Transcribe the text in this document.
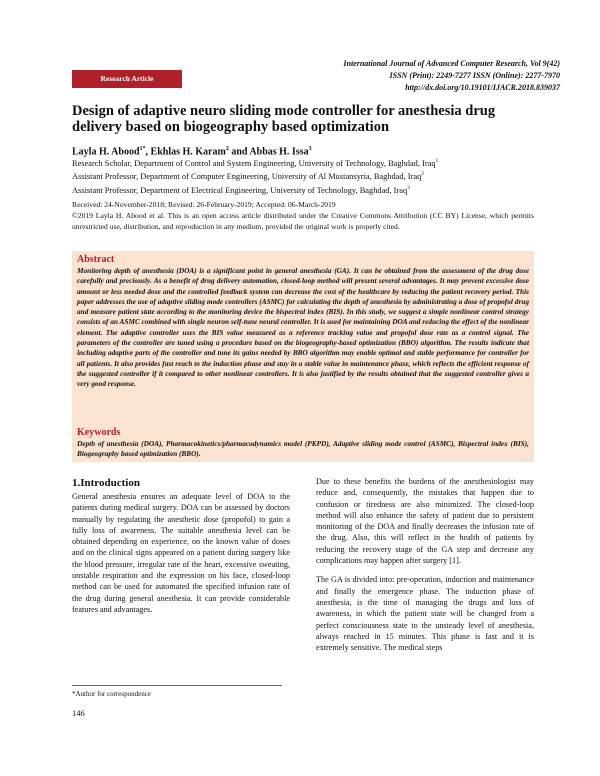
International Journal of Advanced Computer Research, Vol 9(42)
ISSN (Print): 2249-7277 ISSN (Online): 2277-7970
http://dx.doi.org/10.19101/IJACR.2018.839037
Research Article
Design of adaptive neuro sliding mode controller for anesthesia drug delivery based on biogeography based optimization
Layla H. Abood$^{1*}$, Ekhlas H. Karam$^2$ and Abbas H. Issa$^3$
Research Scholar, Department of Control and System Engineering, University of Technology, Baghdad, Iraq$^1$
Assistant Professor, Department of Computer Engineering, University of Al Mustansyria, Baghdad, Iraq$^2$
Assistant Professor, Department of Electrical Engineering, University of Technology, Baghdad, Iraq$^3$
Received: 24-November-2018; Revised: 26-February-2019; Accepted: 06-March-2019
©2019 Layla H. Abood et al. This is an open access article distributed under the Creative Commons Attribution (CC BY) License, which permits unrestricted use, distribution, and reproduction in any medium, provided the original work is properly cited.
Abstract
Monitoring depth of anesthesia (DOA) is a significant point in general anesthesia (GA). It can be obtained from the assessment of the drug dose carefully and preciously. As a benefit of drug delivery automation, closed-loop method will present several advantages. It may prevent excessive dose amount or less needed dose and the controlled feedback system can decrease the cost of the healthcare by reducing the patient recovery period. This paper addresses the use of adaptive sliding mode controllers (ASMC) for calculating the depth of anesthesia by administrating a dose of propofol drug and measure patient state according to the monitoring device the bispectral index (BIS). In this study, we suggest a simple nonlinear control strategy consists of an ASMC combined with single neuron self-tune neural controller. It is used for maintaining DOA and reducing the effect of the nonlinear element. The adaptive controller uses the BIS value measured as a reference tracking value and propofol dose rate as a control signal. The parameters of the controller are tuned using a procedure based on the biogeography-based optimization (BBO) algorithm. The results indicate that including adaptive parts of the controller and tune its gains needed by BBO algorithm may enable optimal and stable performance for controller for all patients. It also provides fast reach to the induction phase and stay in a stable value in maintenance phase, which reflects the efficient response of the suggested controller if it compared to other nonlinear controllers. It is also justified by the results obtained that the suggested controller gives a very good response.
Keywords
Depth of anesthesia (DOA), Pharmacokinetics/pharmacodynamics model (PKPD), Adaptive sliding mode control (ASMC), Bispectral index (BIS), Biogeography based optimization (BBO).
1.Introduction

General anesthesia ensures an adequate level of DOA to the patients during medical surgery. DOA can be assessed by doctors manually by regulating the anesthetic dose (propofol) to gain a fully loss of awareness. The suitable anesthesia level can be obtained depending on experience, on the known value of doses and on the clinical signs appeared on a patient during surgery like the blood pressure, irregular rate of the heart, excessive sweating, unstable respiration and the expression on his face, closed-loop method can be used for automated the specified infusion rate of the drug during general anesthesia. It can provide considerable features and advantages.

Due to these benefits the burdens of the anesthesiologist may reduce and, consequently, the mistakes that happen due to confusion or tiredness are also minimized. The closed-loop method will also enhance the safety of patient due to persistent monitoring of the DOA and finally decreases the infusion rate of the drug. Also, this will reflect in the health of patients by reducing the recovery stage of the GA step and decrease any complications may happen after surgery [1].

The GA is divided into: pre-operation, induction and maintenance and finally the emergence phase. The induction phase of anesthesia, is the time of managing the drugs and loss of awareness, in which the patient state will be changed from a perfect consciousness state to the unsteady level of anesthesia, always reached in 15 minutes. This phase is fast and it is extremely sensitive. The medical steps

*Author for correspondence
146
